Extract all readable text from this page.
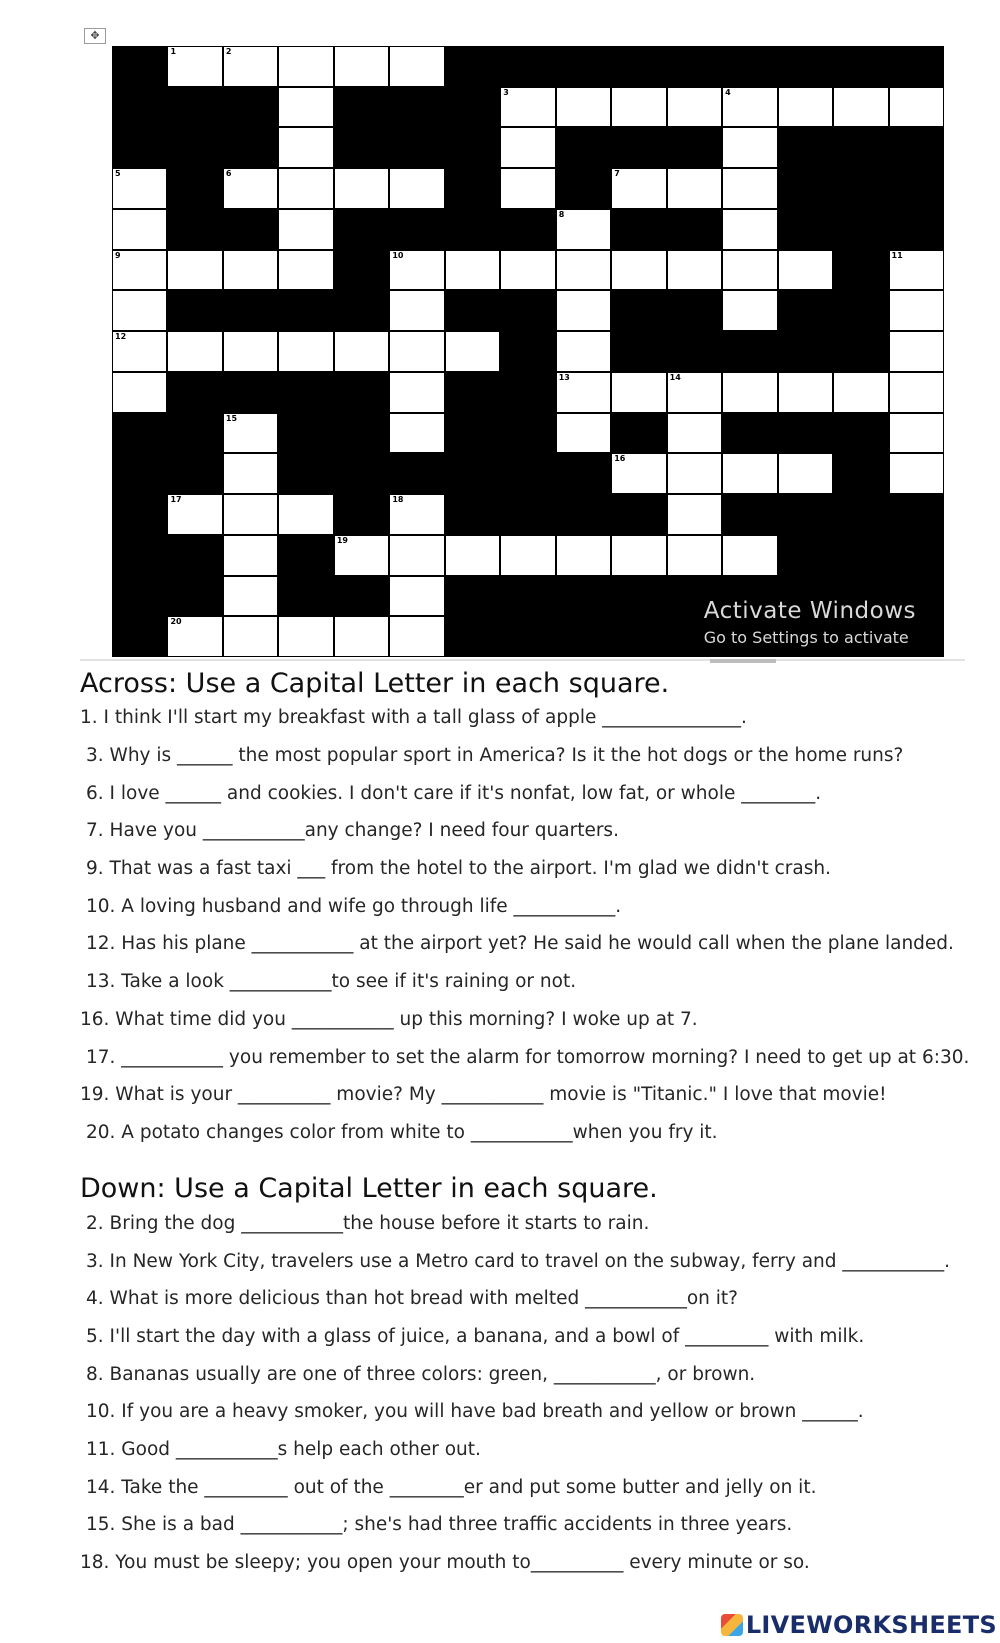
✥
1	2
3	4
5	6	7
8
9	10	11
12
13	14
15
16
17	18
19
20	Activate Windows
Go to Settings to activate
Across: Use a Capital Letter in each square.
1. I think I'll start my breakfast with a tall glass of apple _______________.
3. Why is ______ the most popular sport in America? Is it the hot dogs or the home runs?
6. I love ______ and cookies. I don't care if it's nonfat, low fat, or whole ________.
7. Have you ___________any change? I need four quarters.
9. That was a fast taxi ___ from the hotel to the airport. I'm glad we didn't crash.
10. A loving husband and wife go through life ___________.
12. Has his plane ___________ at the airport yet? He said he would call when the plane landed.
13. Take a look ___________to see if it's raining or not.
16. What time did you ___________ up this morning? I woke up at 7.
17. ___________ you remember to set the alarm for tomorrow morning? I need to get up at 6:30.
19. What is your __________ movie? My ___________ movie is "Titanic." I love that movie!
20. A potato changes color from white to ___________when you fry it.
Down: Use a Capital Letter in each square.
2. Bring the dog ___________the house before it starts to rain.
3. In New York City, travelers use a Metro card to travel on the subway, ferry and ___________.
4. What is more delicious than hot bread with melted ___________on it?
5. I'll start the day with a glass of juice, a banana, and a bowl of _________ with milk.
8. Bananas usually are one of three colors: green, ___________, or brown.
10. If you are a heavy smoker, you will have bad breath and yellow or brown ______.
11. Good ___________s help each other out.
14. Take the _________ out of the ________er and put some butter and jelly on it.
15. She is a bad ___________; she's had three traffic accidents in three years.
18. You must be sleepy; you open your mouth to__________ every minute or so.
LIVEWORKSHEETS
